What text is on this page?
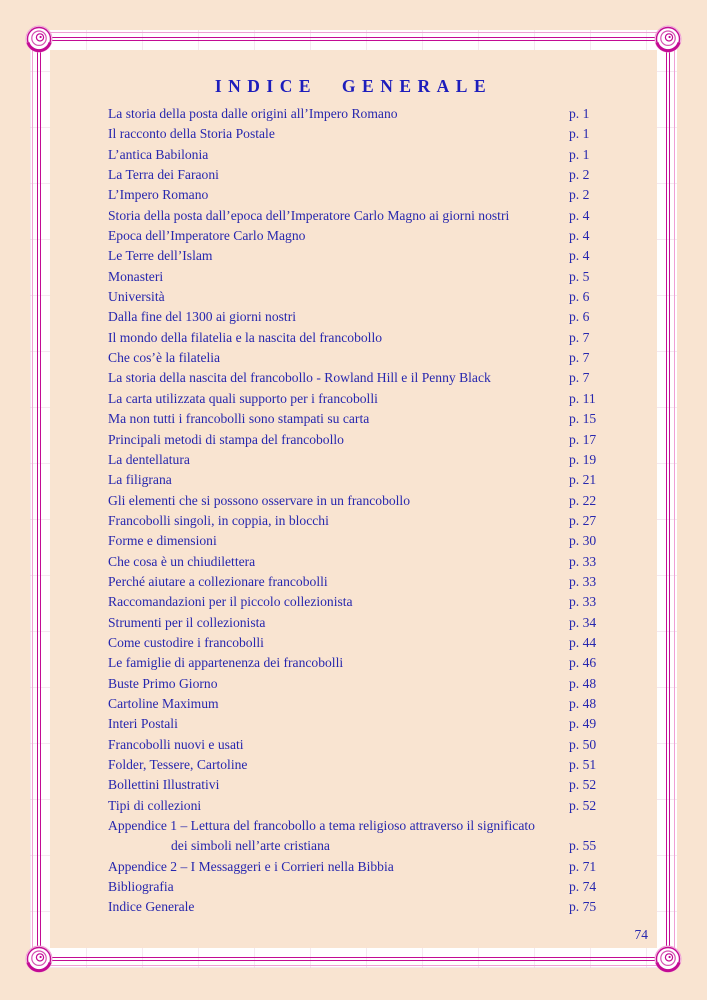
INDICE GENERALE
La storia della posta dalle origini all’Impero Romano	p. 1
Il racconto della Storia Postale	p. 1
L’antica Babilonia	p. 1
La Terra dei Faraoni	p. 2
L’Impero Romano	p. 2
Storia della posta dall’epoca dell’Imperatore Carlo Magno ai giorni nostri	p. 4
Epoca dell’Imperatore Carlo Magno	p. 4
Le Terre dell’Islam	p. 4
Monasteri	p. 5
Università	p. 6
Dalla fine del 1300 ai giorni nostri	p. 6
Il mondo della filatelia e la nascita del francobollo	p. 7
Che cos’è la filatelia	p. 7
La storia della nascita del francobollo - Rowland Hill e il Penny Black	p. 7
La carta utilizzata quali supporto per i francobolli	p. 11
Ma non tutti i francobolli sono stampati su carta	p. 15
Principali metodi di stampa del francobollo	p. 17
La dentellatura	p. 19
La filigrana	p. 21
Gli elementi che si possono osservare in un francobollo	p. 22
Francobolli singoli, in coppia, in blocchi	p. 27
Forme e dimensioni	p. 30
Che cosa è un chiudilettera	p. 33
Perché aiutare a collezionare francobolli	p. 33
Raccomandazioni per il piccolo collezionista	p. 33
Strumenti per il collezionista	p. 34
Come custodire i francobolli	p. 44
Le famiglie di appartenenza dei francobolli	p. 46
Buste Primo Giorno	p. 48
Cartoline Maximum	p. 48
Interi Postali	p. 49
Francobolli nuovi e usati	p. 50
Folder, Tessere, Cartoline	p. 51
Bollettini Illustrativi	p. 52
Tipi di collezioni	p. 52
Appendice 1 – Lettura del francobollo a tema religioso attraverso il significato
dei simboli nell’arte cristiana	p. 55
Appendice 2 – I Messaggeri e i Corrieri nella Bibbia	p. 71
Bibliografia	p. 74
Indice Generale	p. 75
74
